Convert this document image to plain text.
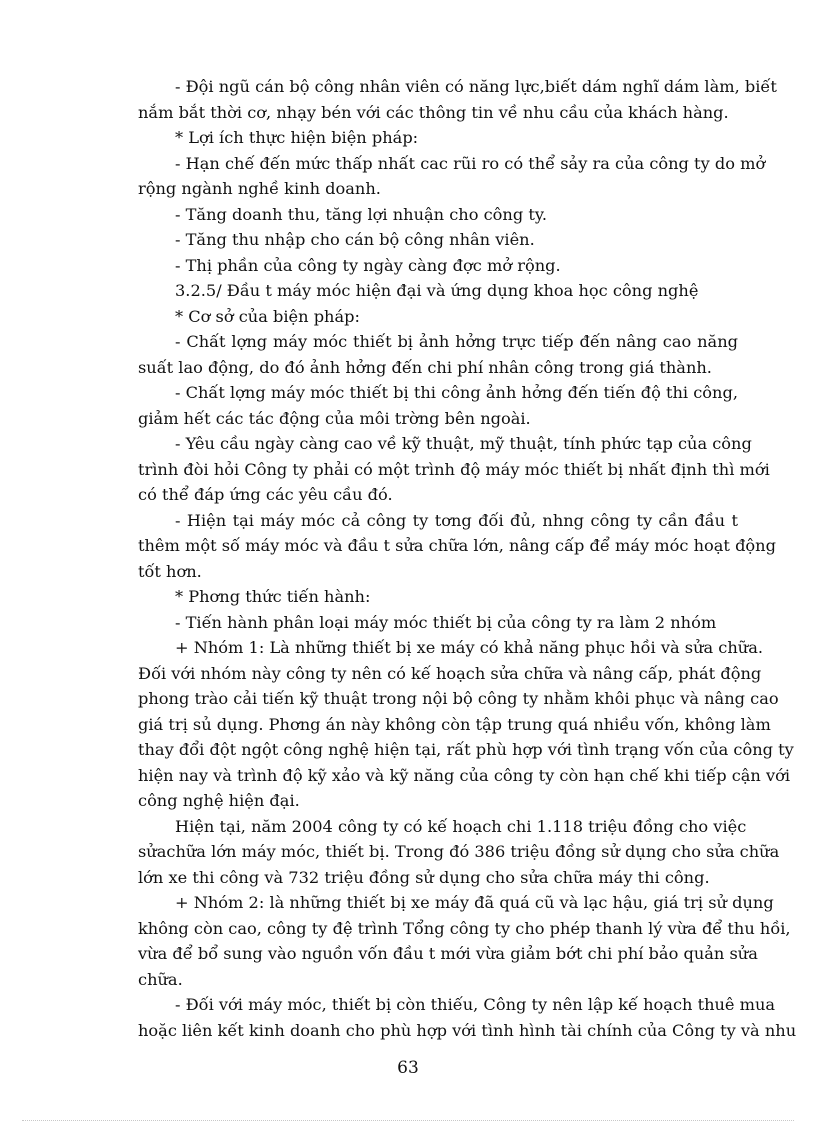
- Đội ngũ cán bộ công nhân viên có năng lực,biết dám nghĩ dám làm, biết
nắm bắt thời cơ, nhạy bén với các thông tin về nhu cầu của khách hàng.
* Lợi ích thực hiện biện pháp:
- Hạn chế đến mức thấp nhất cac rũi ro có thể sảy ra của công ty do mở
rộng ngành nghề kinh doanh.
- Tăng doanh thu, tăng lợi nhuận cho công ty.
- Tăng thu nhập cho cán bộ công nhân viên.
- Thị phần của công ty ngày càng đợc mở rộng.
3.2.5/ Đầu t máy móc hiện đại và ứng dụng khoa học công nghệ
* Cơ sở của biện pháp:
- Chất lợng máy móc thiết bị ảnh hởng trực tiếp đến nâng cao năng
suất lao động, do đó ảnh hởng đến chi phí nhân công trong giá thành.
- Chất lợng máy móc thiết bị thi công ảnh hởng đến tiến độ thi công,
giảm hết các tác động của môi trờng bên ngoài.
- Yêu cầu ngày càng cao về kỹ thuật, mỹ thuật, tính phức tạp của công
trình đòi hỏi Công ty phải có một trình độ máy móc thiết bị nhất định thì mới
có thể đáp ứng các yêu cầu đó.
- Hiện tại máy móc cả công ty tơng đối đủ, nhng công ty cần đầu t
thêm một số máy móc và đầu t sửa chữa lớn, nâng cấp để máy móc hoạt động
tốt hơn.
* Phơng thức tiến hành:
- Tiến hành phân loại máy móc thiết bị của công ty ra làm 2 nhóm
+ Nhóm 1: Là những thiết bị xe máy có khả năng phục hồi và sửa chữa.
Đối với nhóm này công ty nên có kế hoạch sửa chữa và nâng cấp, phát động
phong trào cải tiến kỹ thuật trong nội bộ công ty nhằm khôi phục và nâng cao
giá trị sủ dụng. Phơng án này không còn tập trung quá nhiều vốn, không làm
thay đổi đột ngột công nghệ hiện tại, rất phù hợp với tình trạng vốn của công ty
hiện nay và trình độ kỹ xảo và kỹ năng của công ty còn hạn chế khi tiếp cận với
công nghệ hiện đại.
Hiện tại, năm 2004 công ty có kế hoạch chi 1.118 triệu đồng cho việc
sửachữa lớn máy móc, thiết bị. Trong đó 386 triệu đồng sử dụng cho sửa chữa
lớn xe thi công và 732 triệu đồng sử dụng cho sửa chữa máy thi công.
+ Nhóm 2: là những thiết bị xe máy đã quá cũ và lạc hậu, giá trị sử dụng
không còn cao, công ty đệ trình Tổng công ty cho phép thanh lý vừa để thu hồi,
vừa để bổ sung vào nguồn vốn đầu t mới vừa giảm bớt chi phí bảo quản sửa
chữa.
- Đối với máy móc, thiết bị còn thiếu, Công ty nên lập kế hoạch thuê mua
hoặc liên kết kinh doanh cho phù hợp với tình hình tài chính của Công ty và nhu
63
